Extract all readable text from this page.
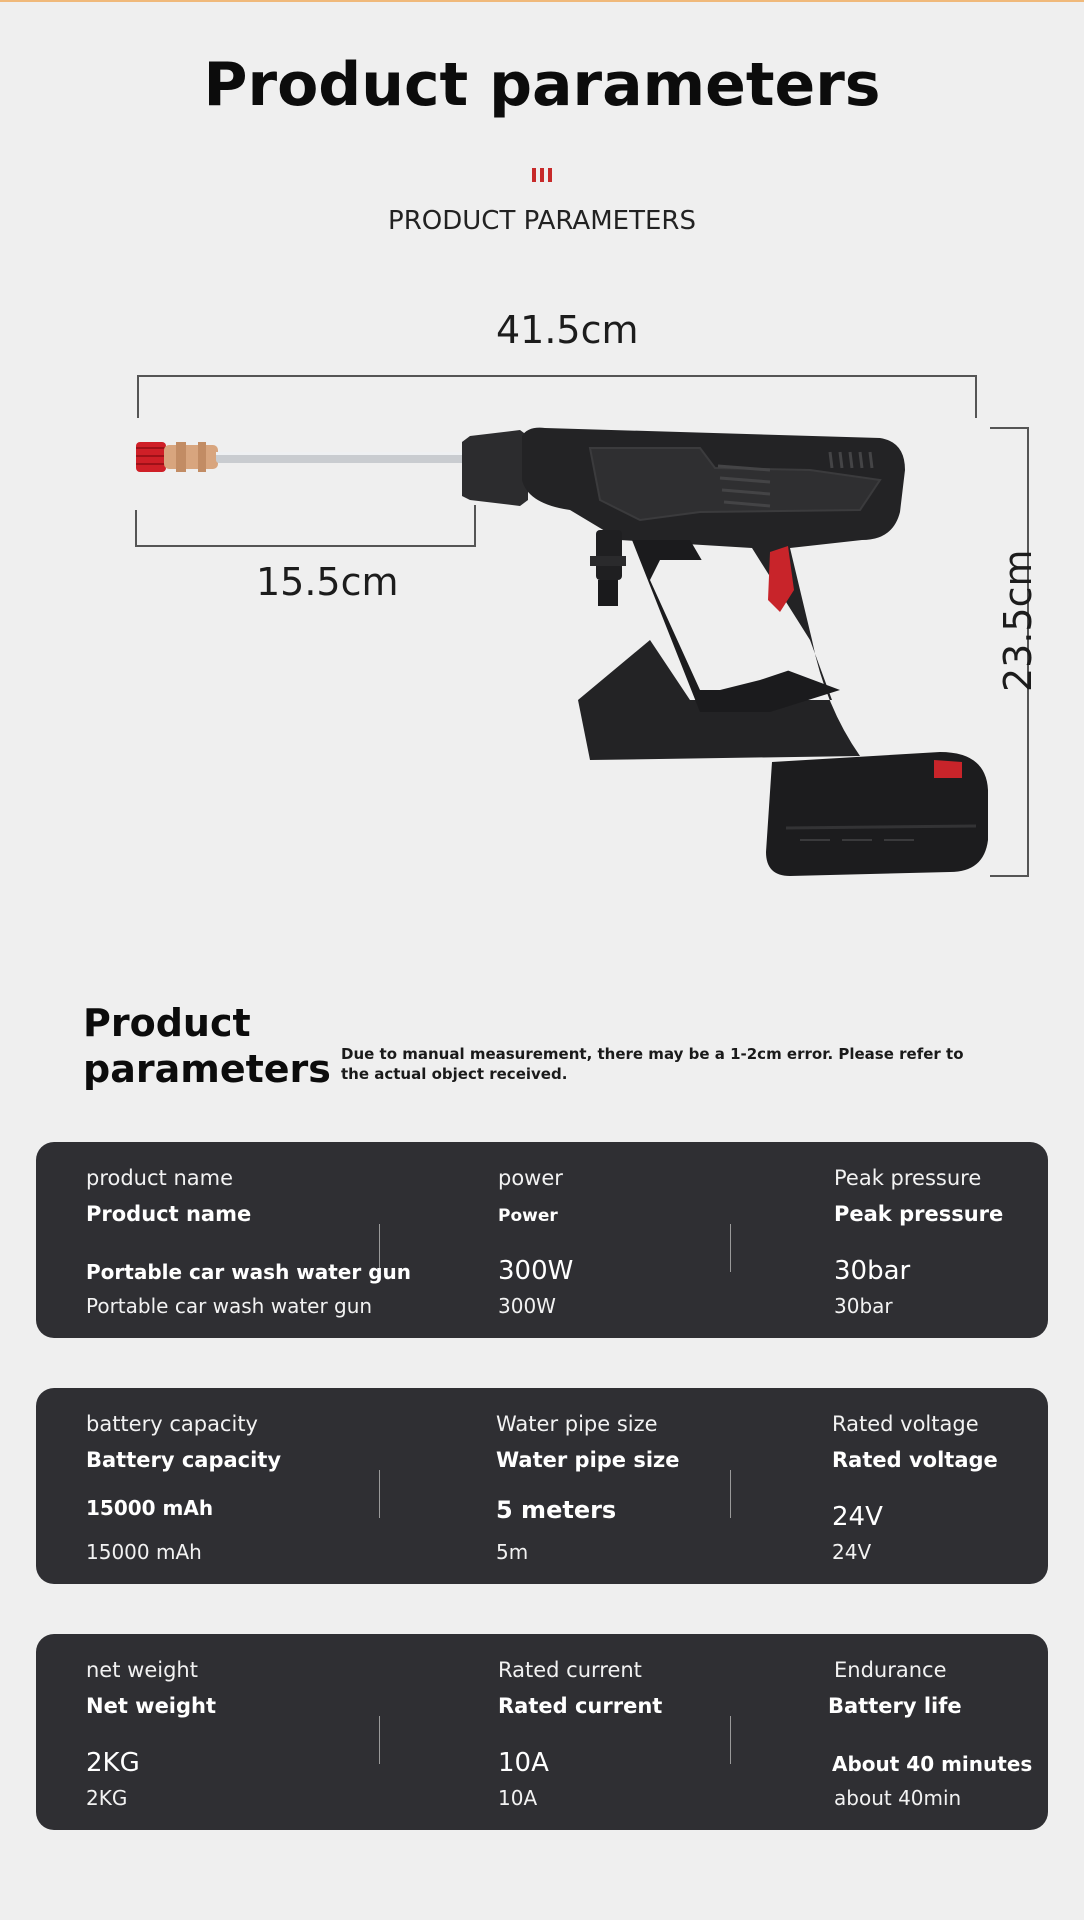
Product parameters
PRODUCT PARAMETERS
41.5cm
15.5cm	23.5cm
Product parameters Due to manual measurement, there may be a 1-2cm error. Please refer to the actual object received.
product name
Product name
Portable car wash water gun
Portable car wash water gun
power
Power
300W
300W
Peak pressure
Peak pressure
30bar
30bar
battery capacity
Battery capacity
15000 mAh
15000 mAh
Water pipe size
Water pipe size
5 meters
5m
Rated voltage
Rated voltage
24V
24V
net weight
Net weight
2KG
2KG
Rated current
Rated current
10A
10A
Endurance
Battery life
About 40 minutes
about 40min
